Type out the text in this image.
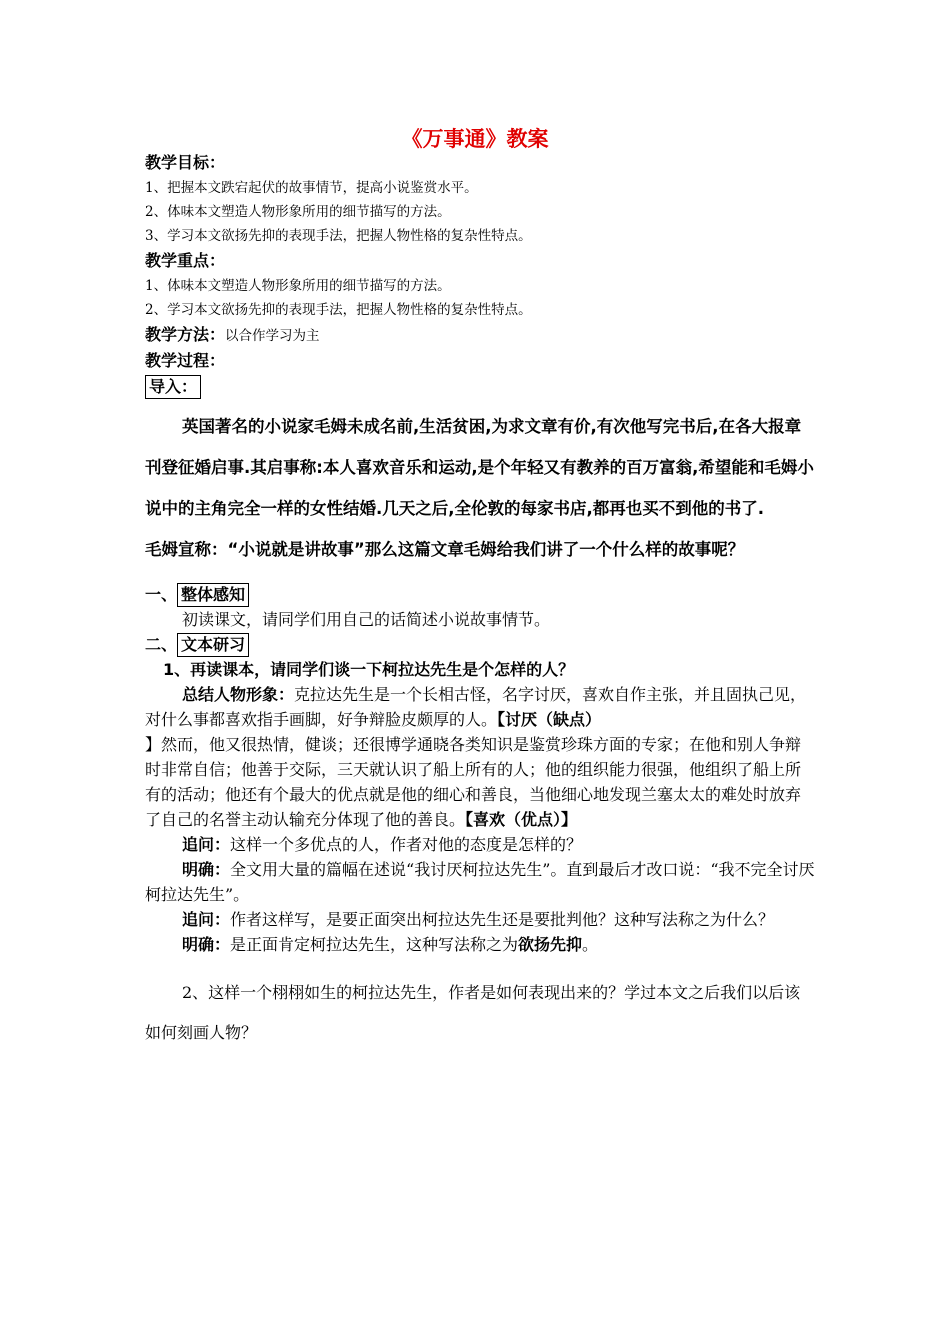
《万事通》教案
教学目标：
1、把握本文跌宕起伏的故事情节，提高小说鉴赏水平。
2、体味本文塑造人物形象所用的细节描写的方法。
3、学习本文欲扬先抑的表现手法，把握人物性格的复杂性特点。
教学重点：
1、体味本文塑造人物形象所用的细节描写的方法。
2、学习本文欲扬先抑的表现手法，把握人物性格的复杂性特点。
教学方法：以合作学习为主
教学过程：
导入：

英国著名的小说家毛姆未成名前,生活贫困,为求文章有价,有次他写完书后,在各大报章刊登征婚启事.其启事称:本人喜欢音乐和运动,是个年轻又有教养的百万富翁,希望能和毛姆小说中的主角完全一样的女性结婚.几天之后,全伦敦的每家书店,都再也买不到他的书了.

毛姆宣称：“小说就是讲故事”那么这篇文章毛姆给我们讲了一个什么样的故事呢？

一、 整体感知

初读课文，请同学们用自己的话简述小说故事情节。

二、 文本研习

1、再读课本，请同学们谈一下柯拉达先生是个怎样的人？

总结人物形象：克拉达先生是一个长相古怪，名字讨厌，喜欢自作主张，并且固执己见，对什么事都喜欢指手画脚，好争辩脸皮颇厚的人。【讨厌（缺点）

】然而，他又很热情，健谈；还很博学通晓各类知识是鉴赏珍珠方面的专家；在他和别人争辩时非常自信；他善于交际，三天就认识了船上所有的人；他的组织能力很强，他组织了船上所有的活动；他还有个最大的优点就是他的细心和善良，当他细心地发现兰塞太太的难处时放弃了自己的名誉主动认输充分体现了他的善良。【喜欢（优点）】

追问：这样一个多优点的人，作者对他的态度是怎样的？

明确：全文用大量的篇幅在述说“我讨厌柯拉达先生”。直到最后才改口说：“我不完全讨厌柯拉达先生”。

追问：作者这样写，是要正面突出柯拉达先生还是要批判他？这种写法称之为什么？

明确：是正面肯定柯拉达先生，这种写法称之为欲扬先抑。

2、这样一个栩栩如生的柯拉达先生，作者是如何表现出来的？学过本文之后我们以后该如何刻画人物？
